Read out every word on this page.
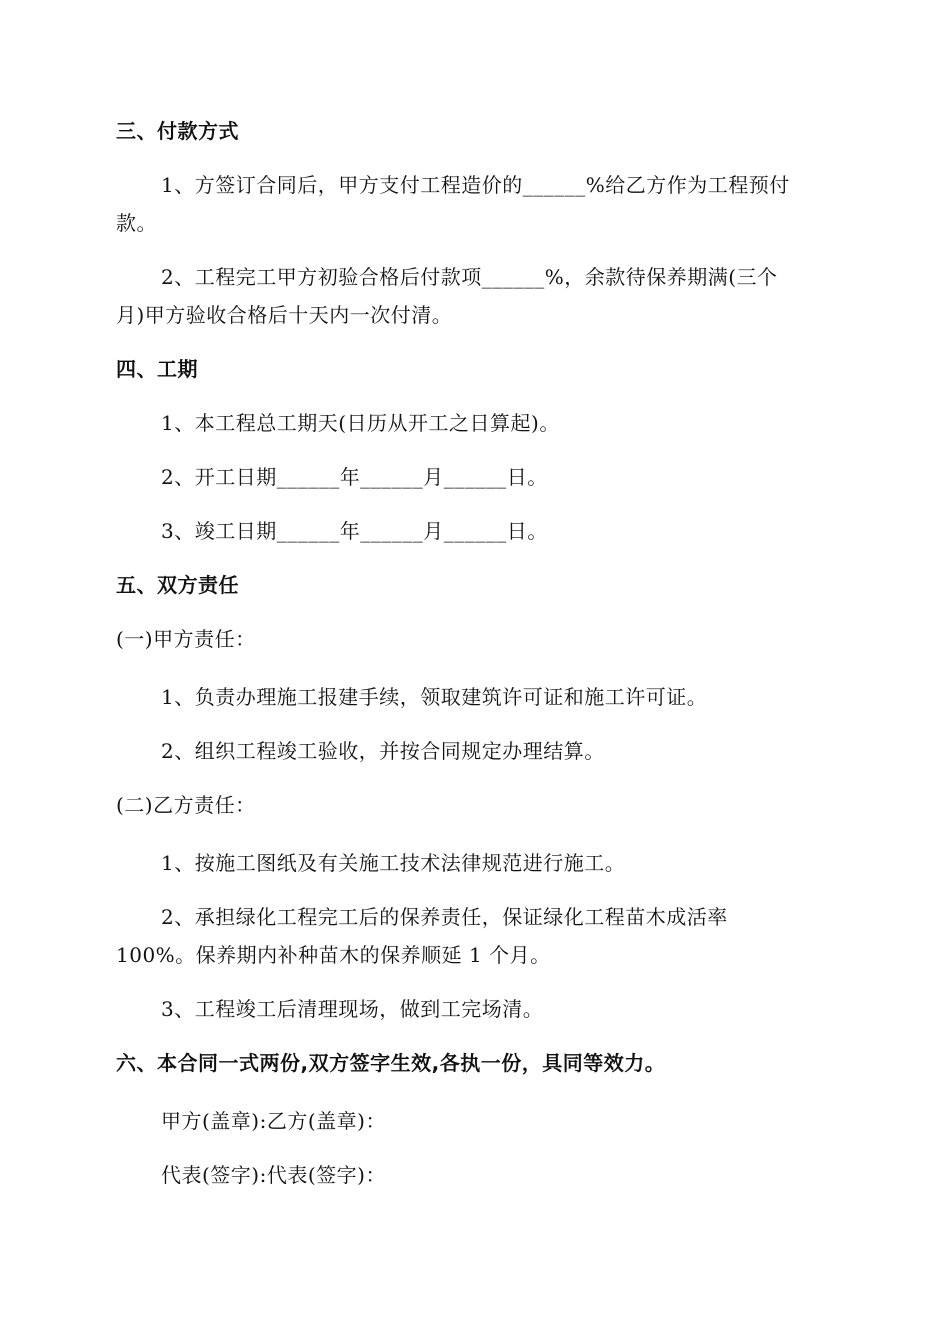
三、付款方式

1、方签订合同后，甲方支付工程造价的______%给乙方作为工程预付

款。

2、工程完工甲方初验合格后付款项______%，余款待保养期满(三个

月)甲方验收合格后十天内一次付清。

四、工期

1、本工程总工期天(日历从开工之日算起)。

2、开工日期______年______月______日。

3、竣工日期______年______月______日。

五、双方责任

(一)甲方责任：

1、负责办理施工报建手续，领取建筑许可证和施工许可证。

2、组织工程竣工验收，并按合同规定办理结算。

(二)乙方责任：

1、按施工图纸及有关施工技术法律规范进行施工。

2、承担绿化工程完工后的保养责任，保证绿化工程苗木成活率

100%。保养期内补种苗木的保养顺延 1 个月。

3、工程竣工后清理现场，做到工完场清。

六、本合同一式两份,双方签字生效,各执一份，具同等效力。

甲方(盖章):乙方(盖章)：

代表(签字):代表(签字)：
